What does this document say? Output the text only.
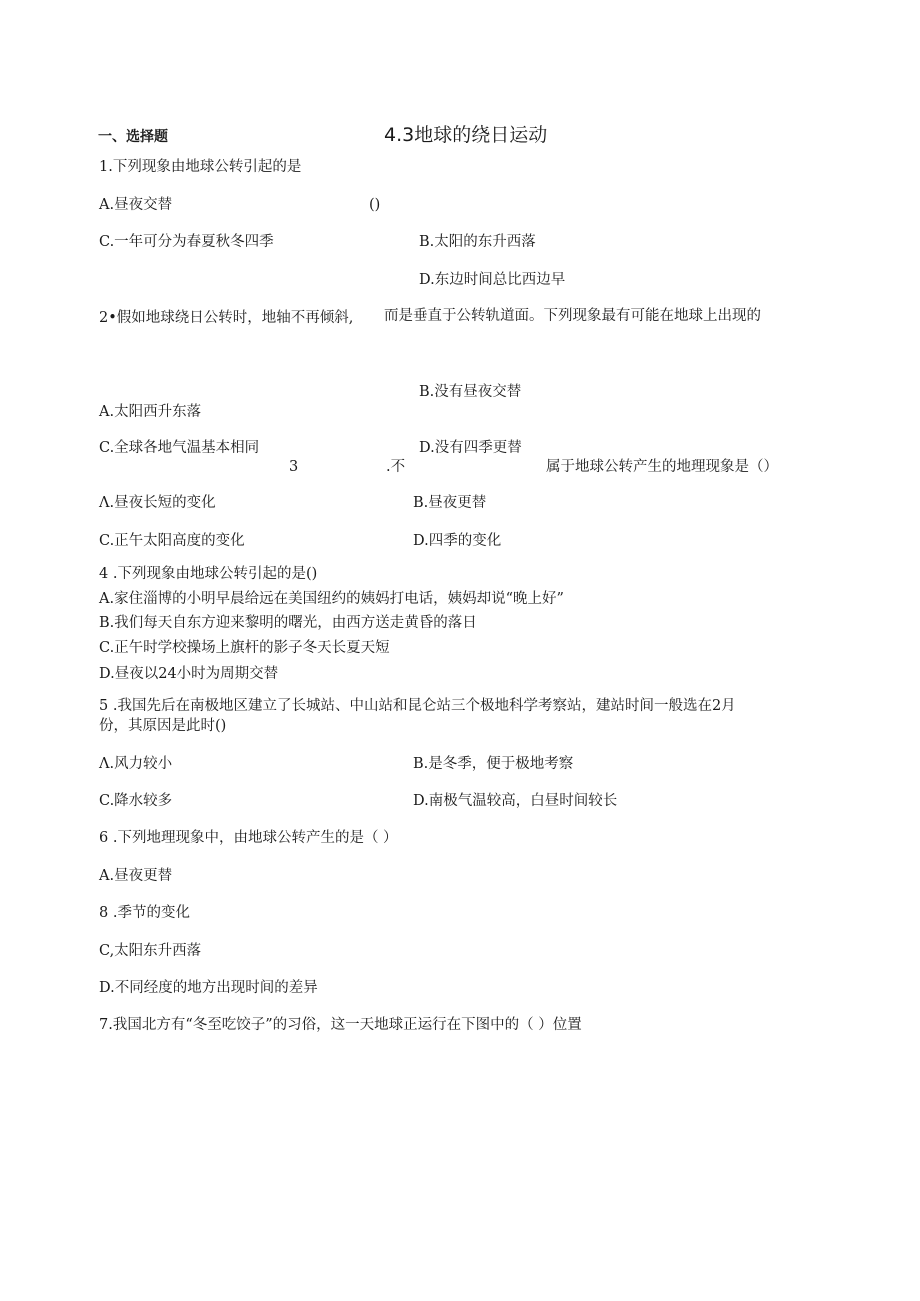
一、选择题	4.3地球的绕日运动
1.下列现象由地球公转引起的是
A.昼夜交替	()
C.一年可分为春夏秋冬四季	B.太阳的东升西落
D.东边时间总比西边早
2•假如地球绕日公转时，地轴不再倾斜, 而是垂直于公转轨道面。下列现象最有可能在地球上出现的
B.没有昼夜交替
A.太阳西升东落
C.全球各地气温基本相同	D.没有四季更替
3	.不	属于地球公转产生的地理现象是（）
Λ.昼夜长短的变化	B.昼夜更替
C.正午太阳高度的变化	D.四季的变化
4 .下列现象由地球公转引起的是()
A.家住淄博的小明早晨给远在美国纽约的姨妈打电话，姨妈却说“晚上好”
B.我们每天自东方迎来黎明的曙光，由西方送走黄昏的落日
C.正午时学校操场上旗杆的影子冬天长夏天短
D.昼夜以24小时为周期交替
5 .我国先后在南极地区建立了长城站、中山站和昆仑站三个极地科学考察站，建站时间一般选在2月
份，其原因是此时()
Λ.风力较小	B.是冬季，便于极地考察
C.降水较多	D.南极气温较高，白昼时间较长
6 .下列地理现象中，由地球公转产生的是（ ）
A.昼夜更替
8 .季节的变化
C,太阳东升西落
D.不同经度的地方出现时间的差异
7.我国北方有“冬至吃饺子”的习俗，这一天地球正运行在下图中的（ ）位置
